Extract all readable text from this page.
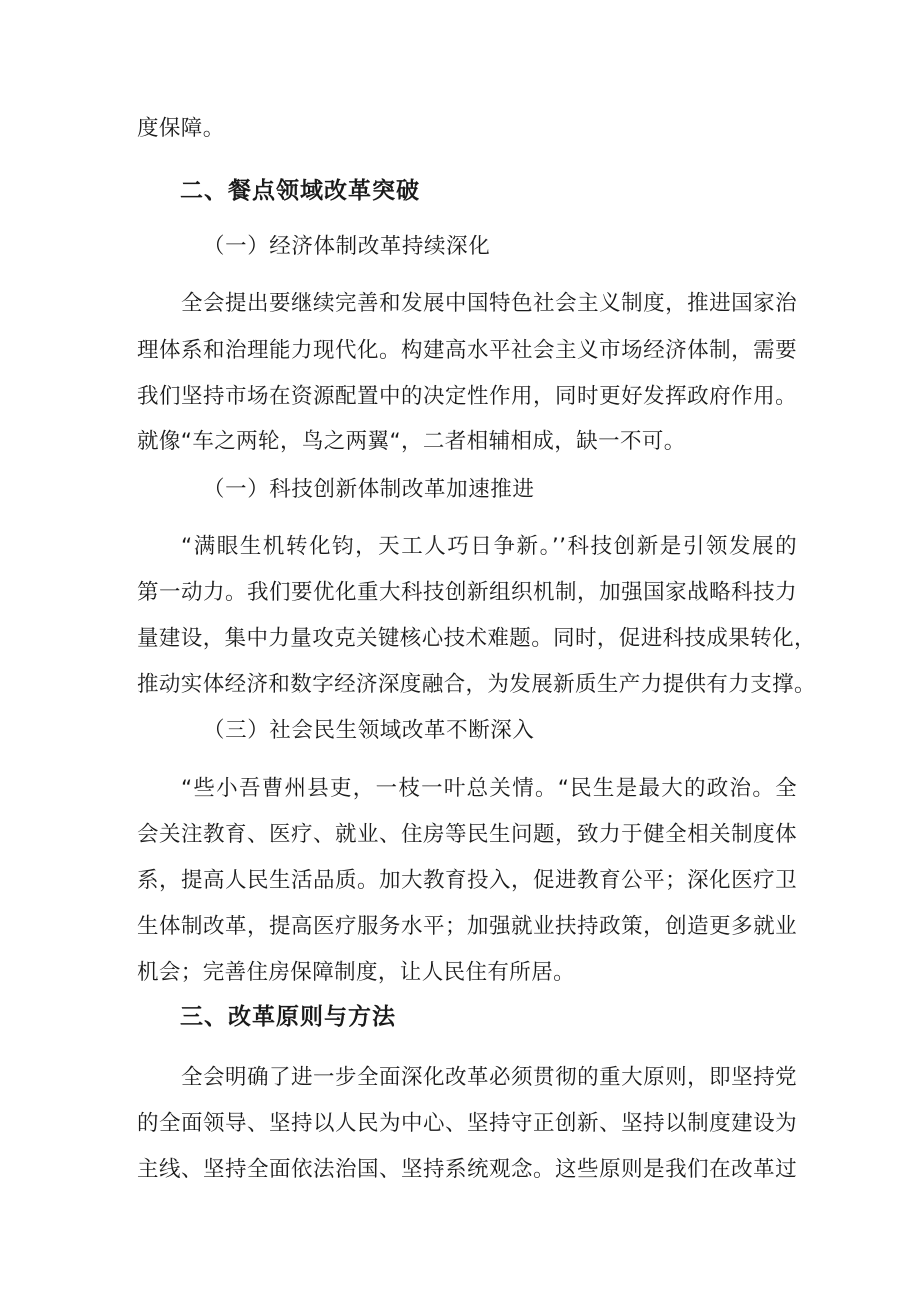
度保障。
二、餐点领域改革突破
（一）经济体制改革持续深化
全会提出要继续完善和发展中国特色社会主义制度，推进国家治
理体系和治理能力现代化。构建高水平社会主义市场经济体制，需要
我们坚持市场在资源配置中的决定性作用，同时更好发挥政府作用。
就像“车之两轮，鸟之两翼“，二者相辅相成，缺一不可。
（一）科技创新体制改革加速推进
“满眼生机转化钧，天工人巧日争新。’’科技创新是引领发展的
第一动力。我们要优化重大科技创新组织机制，加强国家战略科技力
量建设，集中力量攻克关键核心技术难题。同时，促进科技成果转化，
推动实体经济和数字经济深度融合，为发展新质生产力提供有力支撑。
（三）社会民生领域改革不断深入
“些小吾曹州县吏，一枝一叶总关情。“民生是最大的政治。全
会关注教育、医疗、就业、住房等民生问题，致力于健全相关制度体
系，提高人民生活品质。加大教育投入，促进教育公平；深化医疗卫
生体制改革，提高医疗服务水平；加强就业扶持政策，创造更多就业
机会；完善住房保障制度，让人民住有所居。
三、改革原则与方法
全会明确了进一步全面深化改革必须贯彻的重大原则，即坚持党
的全面领导、坚持以人民为中心、坚持守正创新、坚持以制度建设为
主线、坚持全面依法治国、坚持系统观念。这些原则是我们在改革过
